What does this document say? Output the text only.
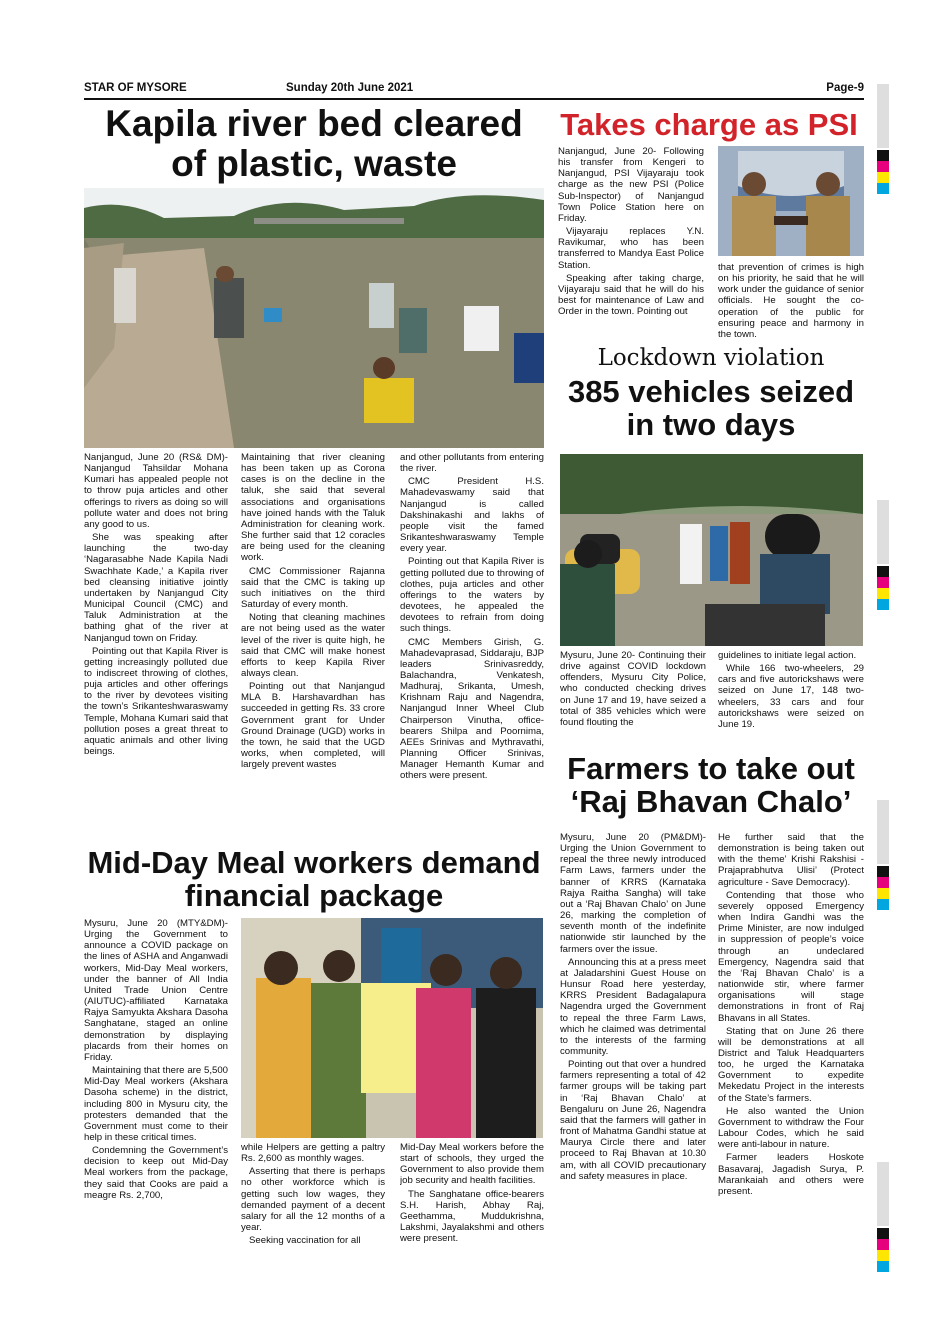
STAR OF MYSORE	Sunday 20th June 2021	Page-9
Kapila river bed cleared of plastic, waste

Nanjangud, June 20 (RS& DM)- Nanjangud Tahsildar Mohana Kumari has appealed people not to throw puja articles and other offerings to rivers as doing so will pollute water and does not bring any good to us.

She was speaking after launching the two-day ‘Nagarasabhe Nade Kapila Nadi Swachhate Kade,’ a Kapila river bed cleansing initiative jointly undertaken by Nanjangud City Municipal Council (CMC) and Taluk Administration at the bathing ghat of the river at Nanjangud town on Friday.

Pointing out that Kapila River is getting increasingly polluted due to indiscreet throwing of clothes, puja articles and other offerings to the river by devotees visiting the town’s Srikanteshwaraswamy Temple, Mohana Kumari said that pollution poses a great threat to aquatic animals and other living beings.

Maintaining that river cleaning has been taken up as Corona cases is on the decline in the taluk, she said that several associations and organisations have joined hands with the Taluk Administration for cleaning work. She further said that 12 coracles are being used for the cleaning work.

CMC Commissioner Rajanna said that the CMC is taking up such initiatives on the third Saturday of every month.

Noting that cleaning machines are not being used as the water level of the river is quite high, he said that CMC will make honest efforts to keep Kapila River always clean.

Pointing out that Nanjangud MLA B. Harshavardhan has succeeded in getting Rs. 33 crore Government grant for Under Ground Drainage (UGD) works in the town, he said that the UGD works, when completed, will largely prevent wastes

and other pollutants from entering the river.

CMC President H.S. Mahadevaswamy said that Nanjangud is called Dakshinakashi and lakhs of people visit the famed Srikanteshwaraswamy Temple every year.

Pointing out that Kapila River is getting polluted due to throwing of clothes, puja articles and other offerings to the waters by devotees, he appealed the devotees to refrain from doing such things.

CMC Members Girish, G. Mahadevaprasad, Siddaraju, BJP leaders Srinivasreddy, Balachandra, Venkatesh, Madhuraj, Srikanta, Umesh, Krishnam Raju and Nagendra, Nanjangud Inner Wheel Club Chairperson Vinutha, office-bearers Shilpa and Poornima, AEEs Srinivas and Mythravathi, Planning Officer Srinivas, Manager Hemanth Kumar and others were present.

Takes charge as PSI

Nanjangud, June 20- Following his transfer from Kengeri to Nanjangud, PSI Vijayaraju took charge as the new PSI (Police Sub-Inspector) of Nanjangud Town Police Station here on Friday.

Vijayaraju replaces Y.N. Ravikumar, who has been transferred to Mandya East Police Station.

Speaking after taking charge, Vijayaraju said that he will do his best for maintenance of Law and Order in the town. Pointing out

that prevention of crimes is high on his priority, he said that he will work under the guidance of senior officials. He sought the co-operation of the public for ensuring peace and harmony in the town.

Lockdown violation
385 vehicles seized in two days

Mysuru, June 20- Continuing their drive against COVID lockdown offenders, Mysuru City Police, who conducted checking drives on June 17 and 19, have seized a total of 385 vehicles which were found flouting the

guidelines to initiate legal action.

While 166 two-wheelers, 29 cars and five autorickshaws were seized on June 17, 148 two-wheelers, 33 cars and four autorickshaws were seized on June 19.

Farmers to take out ‘Raj Bhavan Chalo’

Mysuru, June 20 (PM&DM)- Urging the Union Government to repeal the three newly introduced Farm Laws, farmers under the banner of KRRS (Karnataka Rajya Raitha Sangha) will take out a ‘Raj Bhavan Chalo’ on June 26, marking the completion of seventh month of the indefinite nationwide stir launched by the farmers over the issue.

Announcing this at a press meet at Jaladarshini Guest House on Hunsur Road here yesterday, KRRS President Badagalapura Nagendra urged the Government to repeal the three Farm Laws, which he claimed was detrimental to the interests of the farming community.

Pointing out that over a hundred farmers representing a total of 42 farmer groups will be taking part in ‘Raj Bhavan Chalo’ at Bengaluru on June 26, Nagendra said that the farmers will gather in front of Mahatma Gandhi statue at Maurya Circle there and later proceed to Raj Bhavan at 10.30 am, with all COVID precautionary and safety measures in place.

He further said that the demonstration is being taken out with the theme’ Krishi Rakshisi - Prajaprabhutva Ulisi’ (Protect agriculture - Save Democracy).

Contending that those who severely opposed Emergency when Indira Gandhi was the Prime Minister, are now indulged in suppression of people’s voice through an undeclared Emergency, Nagendra said that the ‘Raj Bhavan Chalo’ is a nationwide stir, where farmer organisations will stage demonstrations in front of Raj Bhavans in all States.

Stating that on June 26 there will be demonstrations at all District and Taluk Headquarters too, he urged the Karnataka Government to expedite Mekedatu Project in the interests of the State’s farmers.

He also wanted the Union Government to withdraw the Four Labour Codes, which he said were anti-labour in nature.

Farmer leaders Hoskote Basavaraj, Jagadish Surya, P. Marankaiah and others were present.

Mid-Day Meal workers demand financial package

Mysuru, June 20 (MTY&DM)- Urging the Government to announce a COVID package on the lines of ASHA and Anganwadi workers, Mid-Day Meal workers, under the banner of All India United Trade Union Centre (AIUTUC)-affiliated Karnataka Rajya Samyukta Akshara Dasoha Sanghatane, staged an online demonstration by displaying placards from their homes on Friday.

Maintaining that there are 5,500 Mid-Day Meal workers (Akshara Dasoha scheme) in the district, including 800 in Mysuru city, the protesters demanded that the Government must come to their help in these critical times.

Condemning the Government’s decision to keep out Mid-Day Meal workers from the package, they said that Cooks are paid a meagre Rs. 2,700,

while Helpers are getting a paltry Rs. 2,600 as monthly wages.

Asserting that there is perhaps no other workforce which is getting such low wages, they demanded payment of a decent salary for all the 12 months of a year.

Seeking vaccination for all

Mid-Day Meal workers before the start of schools, they urged the Government to also provide them job security and health facilities.

The Sanghatane office-bearers S.H. Harish, Abhay Raj, Geethamma, Muddukrishna, Lakshmi, Jayalakshmi and others were present.
